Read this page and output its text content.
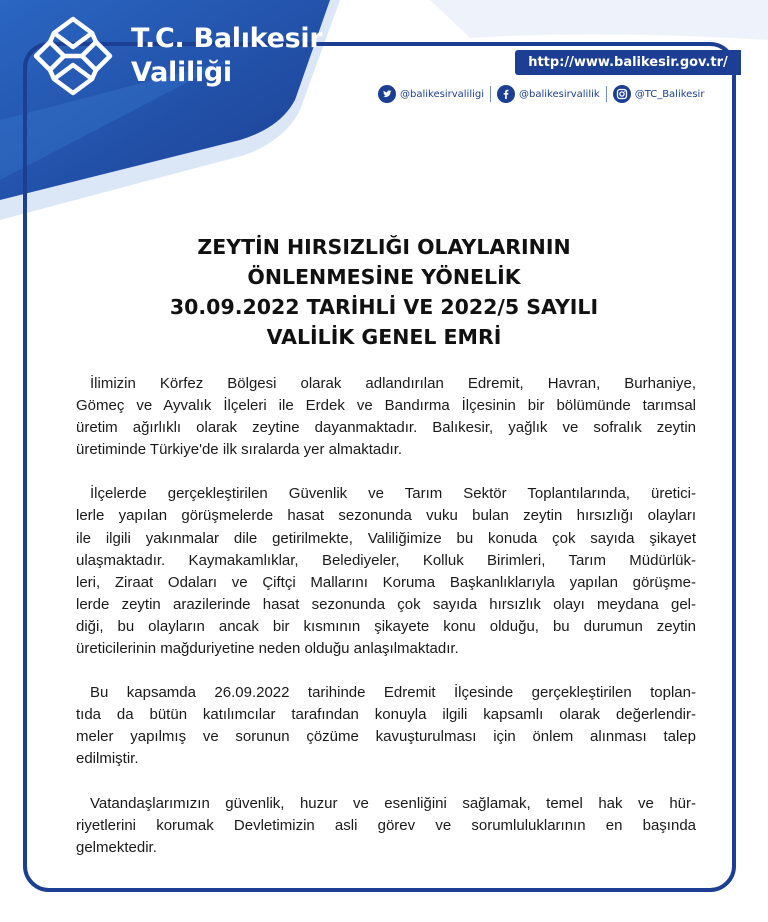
T.C. Balıkesir
Valiliği	http://www.balikesir.gov.tr/
@balikesirvaliligi	@balikesirvalilik	@TC_Balikesir
ZEYTİN HIRSIZLIĞI OLAYLARININ
ÖNLENMESİNE YÖNELİK
30.09.2022 TARİHLİ VE 2022/5 SAYILI
VALİLİK GENEL EMRİ
İlimizin Körfez Bölgesi olarak adlandırılan Edremit, Havran, Burhaniye,
Gömeç ve Ayvalık İlçeleri ile Erdek ve Bandırma İlçesinin bir bölümünde tarımsal
üretim ağırlıklı olarak zeytine dayanmaktadır. Balıkesir, yağlık ve sofralık zeytin
üretiminde Türkiye'de ilk sıralarda yer almaktadır.
İlçelerde gerçekleştirilen Güvenlik ve Tarım Sektör Toplantılarında, üretici-
lerle yapılan görüşmelerde hasat sezonunda vuku bulan zeytin hırsızlığı olayları
ile ilgili yakınmalar dile getirilmekte, Valiliğimize bu konuda çok sayıda şikayet
ulaşmaktadır. Kaymakamlıklar, Belediyeler, Kolluk Birimleri, Tarım Müdürlük-
leri, Ziraat Odaları ve Çiftçi Mallarını Koruma Başkanlıklarıyla yapılan görüşme-
lerde zeytin arazilerinde hasat sezonunda çok sayıda hırsızlık olayı meydana gel-
diği, bu olayların ancak bir kısmının şikayete konu olduğu, bu durumun zeytin
üreticilerinin mağduriyetine neden olduğu anlaşılmaktadır.
Bu kapsamda 26.09.2022 tarihinde Edremit İlçesinde gerçekleştirilen toplan-
tıda da bütün katılımcılar tarafından konuyla ilgili kapsamlı olarak değerlendir-
meler yapılmış ve sorunun çözüme kavuşturulması için önlem alınması talep
edilmiştir.
Vatandaşlarımızın güvenlik, huzur ve esenliğini sağlamak, temel hak ve hür-
riyetlerini korumak Devletimizin asli görev ve sorumluluklarının en başında
gelmektedir.
